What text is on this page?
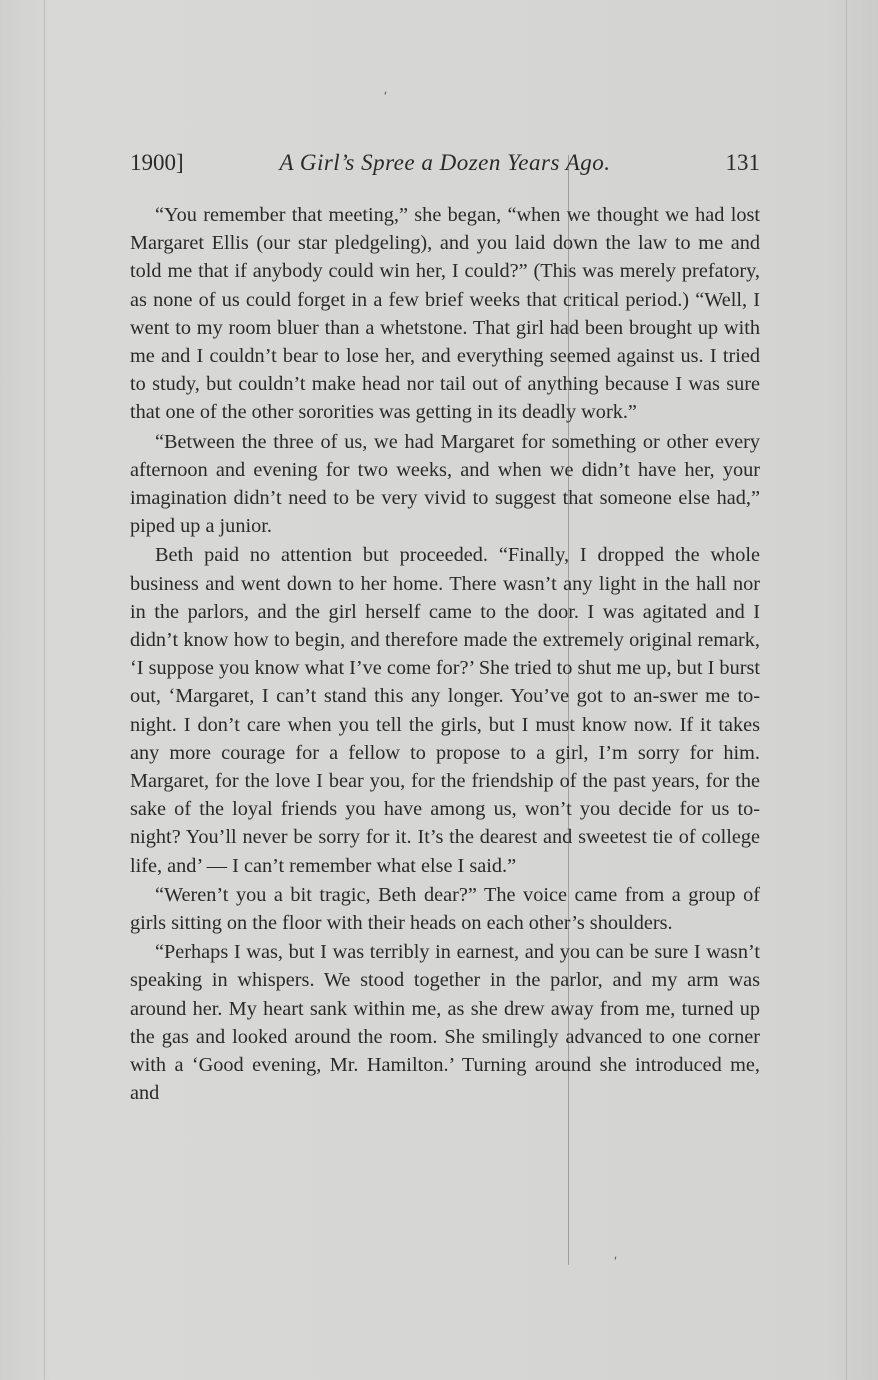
ʹ
ʹ
1900]	A Girl’s Spree a Dozen Years Ago.	131

“You remember that meeting,” she began, “when we thought we had lost Margaret Ellis (our star pledgeling), and you laid down the law to me and told me that if anybody could win her, I could?” (This was merely prefatory, as none of us could forget in a few brief weeks that critical period.) “Well, I went to my room bluer than a whetstone. That girl had been brought up with me and I couldn’t bear to lose her, and everything seemed against us. I tried to study, but couldn’t make head nor tail out of anything because I was sure that one of the other sororities was getting in its deadly work.”

“Between the three of us, we had Margaret for something or other every afternoon and evening for two weeks, and when we didn’t have her, your imagination didn’t need to be very vivid to suggest that someone else had,” piped up a junior.

Beth paid no attention but proceeded. “Finally, I dropped the whole business and went down to her home. There wasn’t any light in the hall nor in the parlors, and the girl herself came to the door. I was agitated and I didn’t know how to begin, and therefore made the extremely original remark, ‘I suppose you know what I’ve come for?’ She tried to shut me up, but I burst out, ‘Margaret, I can’t stand this any longer. You’ve got to an-swer me to-night. I don’t care when you tell the girls, but I must know now. If it takes any more courage for a fellow to propose to a girl, I’m sorry for him. Margaret, for the love I bear you, for the friendship of the past years, for the sake of the loyal friends you have among us, won’t you decide for us to-night? You’ll never be sorry for it. It’s the dearest and sweetest tie of college life, and’ — I can’t remember what else I said.”

“Weren’t you a bit tragic, Beth dear?” The voice came from a group of girls sitting on the floor with their heads on each other’s shoulders.

“Perhaps I was, but I was terribly in earnest, and you can be sure I wasn’t speaking in whispers. We stood together in the parlor, and my arm was around her. My heart sank within me, as she drew away from me, turned up the gas and looked around the room. She smilingly advanced to one corner with a ‘Good evening, Mr. Hamilton.’ Turning around she introduced me, and
